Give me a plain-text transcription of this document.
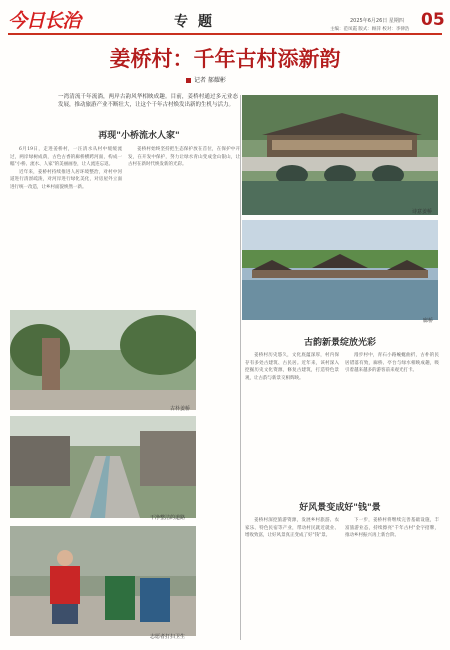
今日长治	专题	2025年6月26日 星期四
主编：范凤霞 版式：顾萍 校对：李律浩 05
姜桥村：千年古村添新韵
记者 郝耀彬
一湾清流千年流淌，两岸古韵风华相映成趣。目前，姜桥村通过多元业态发展，推动旅游产业不断壮大，让这个千年古村焕发出新的生机与活力。
再现"小桥流水人家"

6月19日，走进姜桥村，一汪清水从村中缓缓流过，两岸绿树成荫，古色古香的廊桥横跨河面，构成一幅"小桥、流水、人家"的美丽画卷，让人流连忘返。

近年来，姜桥村持续推进人居环境整治，对村中河道进行清淤疏浚，对河岸进行绿化美化，对房屋外立面进行统一改造，让乡村面貌焕然一新。

姜桥村始终坚持把生态保护放在首位，在保护中开发，在开发中保护，努力让绿水青山变成金山银山，让古村在新时代焕发新的光彩。

诗意姜桥
廊桥
古朴姜桥
干净整洁的道路
志愿者打扫卫生
古韵新景绽放光彩

姜桥村历史悠久，文化底蕴深厚，村内保存有多处古建筑、古民居。近年来，该村深入挖掘历史文化资源，修复古建筑，打造特色景观，让古韵与新景交相辉映。

漫步村中，青石小路蜿蜒曲折，古朴的民居错落有致，廊桥、亭台与绿水相映成趣，吸引着越来越多的游客前来观光打卡。

好风景变成好"钱"景

姜桥村深挖旅游资源，发展乡村旅游、农家乐、特色民宿等产业，带动村民就近就业、增收致富，让好风景真正变成了好"钱"景。

下一步，姜桥村将继续完善基础设施，丰富旅游业态，持续擦亮"千年古村"金字招牌，推动乡村振兴再上新台阶。
